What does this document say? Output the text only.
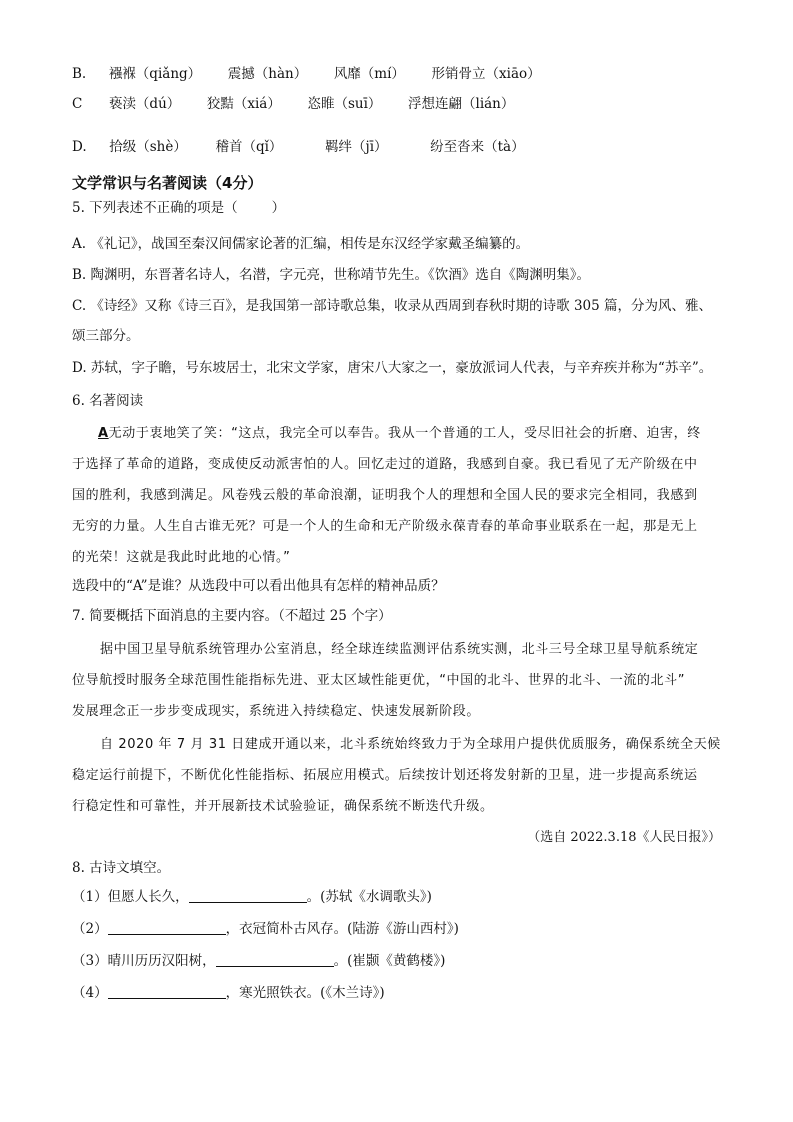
B. 襁褓（qiǎng） 震撼（hàn） 风靡（mí） 形销骨立（xiāo）
C 亵渎（dú） 狡黠（xiá） 恣睢（suī） 浮想连翩（lián）
D. 拾级（shè） 稽首（qǐ）	羁绊（jī）	纷至沓来（tà）
文学常识与名著阅读（4分）
5. 下列表述不正确的项是（	）
A. 《礼记》，战国至秦汉间儒家论著的汇编，相传是东汉经学家戴圣编纂的。
B. 陶渊明，东晋著名诗人，名潜，字元亮，世称靖节先生。《饮酒》选自《陶渊明集》。
C. 《诗经》又称《诗三百》，是我国第一部诗歌总集，收录从西周到春秋时期的诗歌 305 篇，分为风、雅、
颂三部分。
D. 苏轼，字子瞻，号东坡居士，北宋文学家，唐宋八大家之一，豪放派词人代表，与辛弃疾并称为“苏辛”。
6. 名著阅读
A无动于衷地笑了笑：“这点，我完全可以奉告。我从一个普通的工人，受尽旧社会的折磨、迫害，终
于选择了革命的道路，变成使反动派害怕的人。回忆走过的道路，我感到自豪。我已看见了无产阶级在中
国的胜利，我感到满足。风卷残云般的革命浪潮，证明我个人的理想和全国人民的要求完全相同，我感到
无穷的力量。人生自古谁无死？可是一个人的生命和无产阶级永葆青春的革命事业联系在一起，那是无上
的光荣！这就是我此时此地的心情。”
选段中的“A”是谁？从选段中可以看出他具有怎样的精神品质？
7. 简要概括下面消息的主要内容。（不超过 25 个字）
据中国卫星导航系统管理办公室消息，经全球连续监测评估系统实测，北斗三号全球卫星导航系统定
位导航授时服务全球范围性能指标先进、亚太区域性能更优，“中国的北斗、世界的北斗、一流的北斗”
发展理念正一步步变成现实，系统进入持续稳定、快速发展新阶段。
自 2020 年 7 月 31 日建成开通以来，北斗系统始终致力于为全球用户提供优质服务，确保系统全天候
稳定运行前提下，不断优化性能指标、拓展应用模式。后续按计划还将发射新的卫星，进一步提高系统运
行稳定性和可靠性，并开展新技术试验验证，确保系统不断迭代升级。
（选自 2022.3.18《人民日报》）
8. 古诗文填空。
（1）但愿人长久，	。(苏轼《水调歌头》)
（2）	，衣冠简朴古风存。(陆游《游山西村》)
（3）晴川历历汉阳树，	。(崔颢《黄鹤楼》)
（4）	，寒光照铁衣。(《木兰诗》)
